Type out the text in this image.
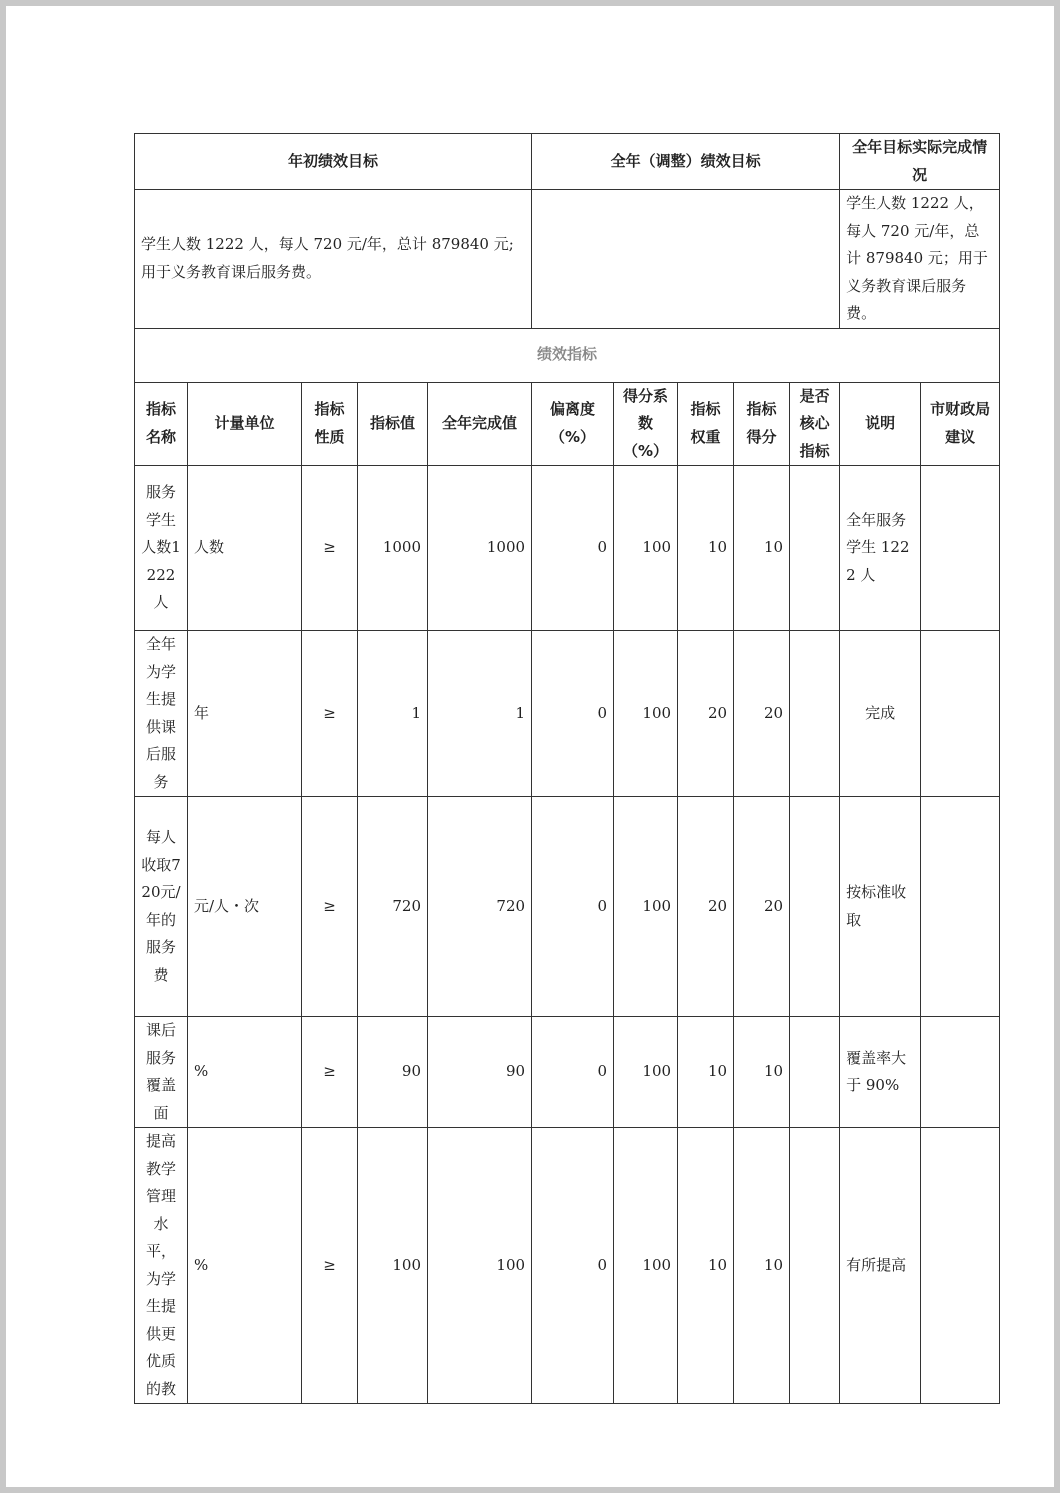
年初绩效目标					全年（调整）绩效目标					全年目标实际完成情况	
学生人数 1222 人，每人 720 元/年，总计 879840 元;用于义务教育课后服务费。										学生人数 1222 人，每人 720 元/年，总计 879840 元；用于义务教育课后服务费。	
绩效指标											
指标名称	计量单位	指标性质	指标值	全年完成值	偏离度（%）	得分系数（%）	指标权重	指标得分	是否核心指标	说明	市财政局建议
服务学生人数1222人	人数	≥	1000	1000	0	100	10	10		全年服务学生 1222 人	
全年为学生提供课后服务	年	≥	1	1	0	100	20	20		完成	
每人收取720元/年的服务费	元/人・次	≥	720	720	0	100	20	20		按标准收取	
课后服务覆盖面	%	≥	90	90	0	100	10	10		覆盖率大于 90%	
提高教学管理水平，为学生提供更优质的教	%	≥	100	100	0	100	10	10		有所提高	
